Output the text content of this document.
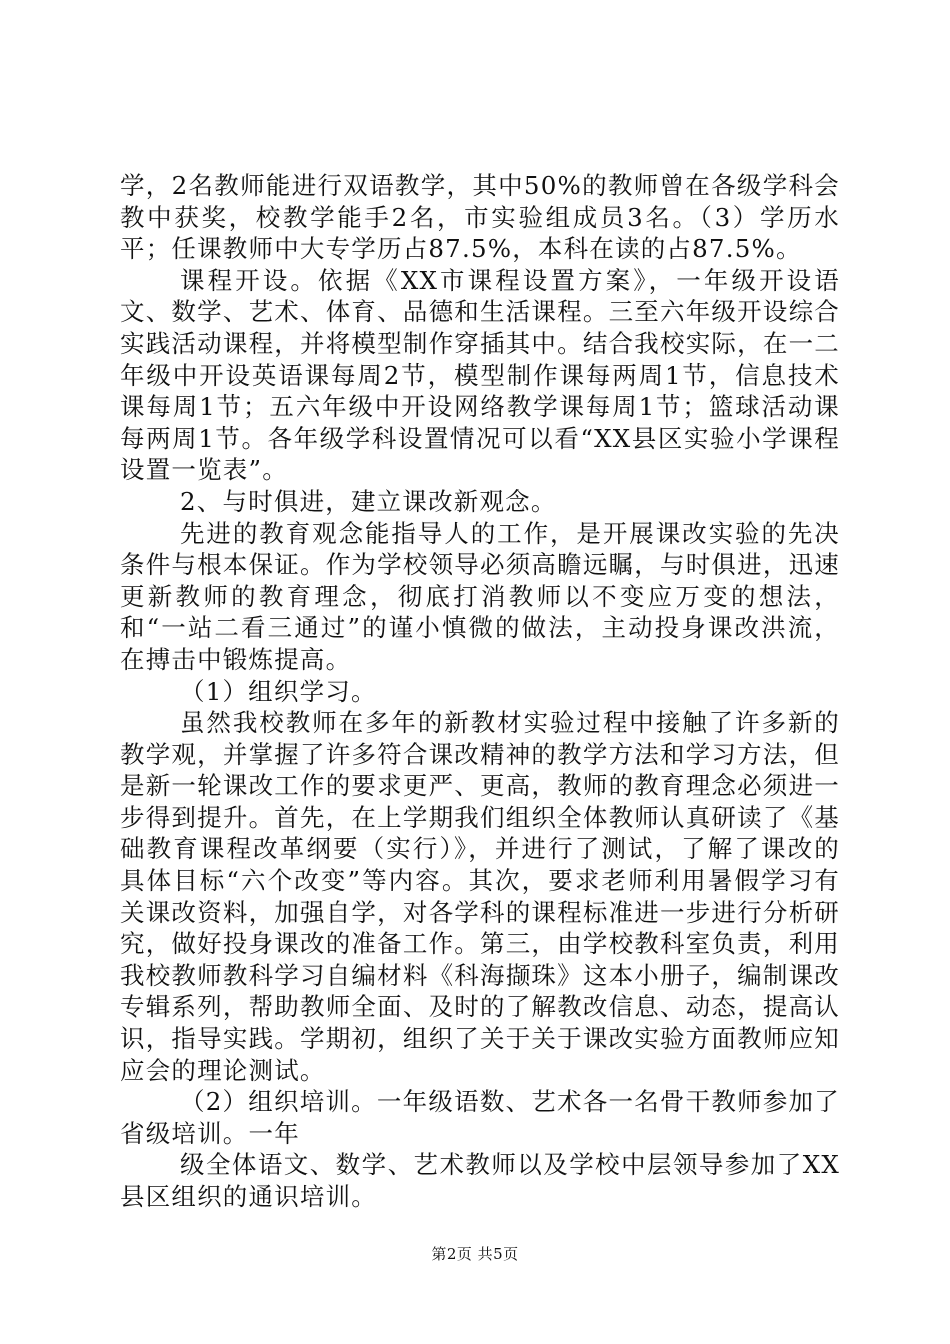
学，2名教师能进行双语教学，其中50%的教师曾在各级学科会教中获奖，校教学能手2名，市实验组成员3名。（3）学历水平；任课教师中大专学历占87.5%，本科在读的占87.5%。

课程开设。依据《XX市课程设置方案》，一年级开设语文、数学、艺术、体育、品德和生活课程。三至六年级开设综合实践活动课程，并将模型制作穿插其中。结合我校实际，在一二年级中开设英语课每周2节，模型制作课每两周1节，信息技术课每周1节；五六年级中开设网络教学课每周1节；篮球活动课每两周1节。各年级学科设置情况可以看“XX县区实验小学课程设置一览表”。

2、与时俱进，建立课改新观念。

先进的教育观念能指导人的工作，是开展课改实验的先决条件与根本保证。作为学校领导必须高瞻远瞩，与时俱进，迅速更新教师的教育理念，彻底打消教师以不变应万变的想法，和“一站二看三通过”的谨小慎微的做法，主动投身课改洪流，在搏击中锻炼提高。

（1）组织学习。

虽然我校教师在多年的新教材实验过程中接触了许多新的教学观，并掌握了许多符合课改精神的教学方法和学习方法，但是新一轮课改工作的要求更严、更高，教师的教育理念必须进一步得到提升。首先，在上学期我们组织全体教师认真研读了《基础教育课程改革纲要（实行）》，并进行了测试，了解了课改的具体目标“六个改变”等内容。其次，要求老师利用暑假学习有关课改资料，加强自学，对各学科的课程标准进一步进行分析研究，做好投身课改的准备工作。第三，由学校教科室负责，利用我校教师教科学习自编材料《科海撷珠》这本小册子，编制课改专辑系列，帮助教师全面、及时的了解教改信息、动态，提高认识，指导实践。学期初，组织了关于关于课改实验方面教师应知应会的理论测试。

（2）组织培训。一年级语数、艺术各一名骨干教师参加了省级培训。一年

级全体语文、数学、艺术教师以及学校中层领导参加了XX县区组织的通识培训。

第2页 共5页
